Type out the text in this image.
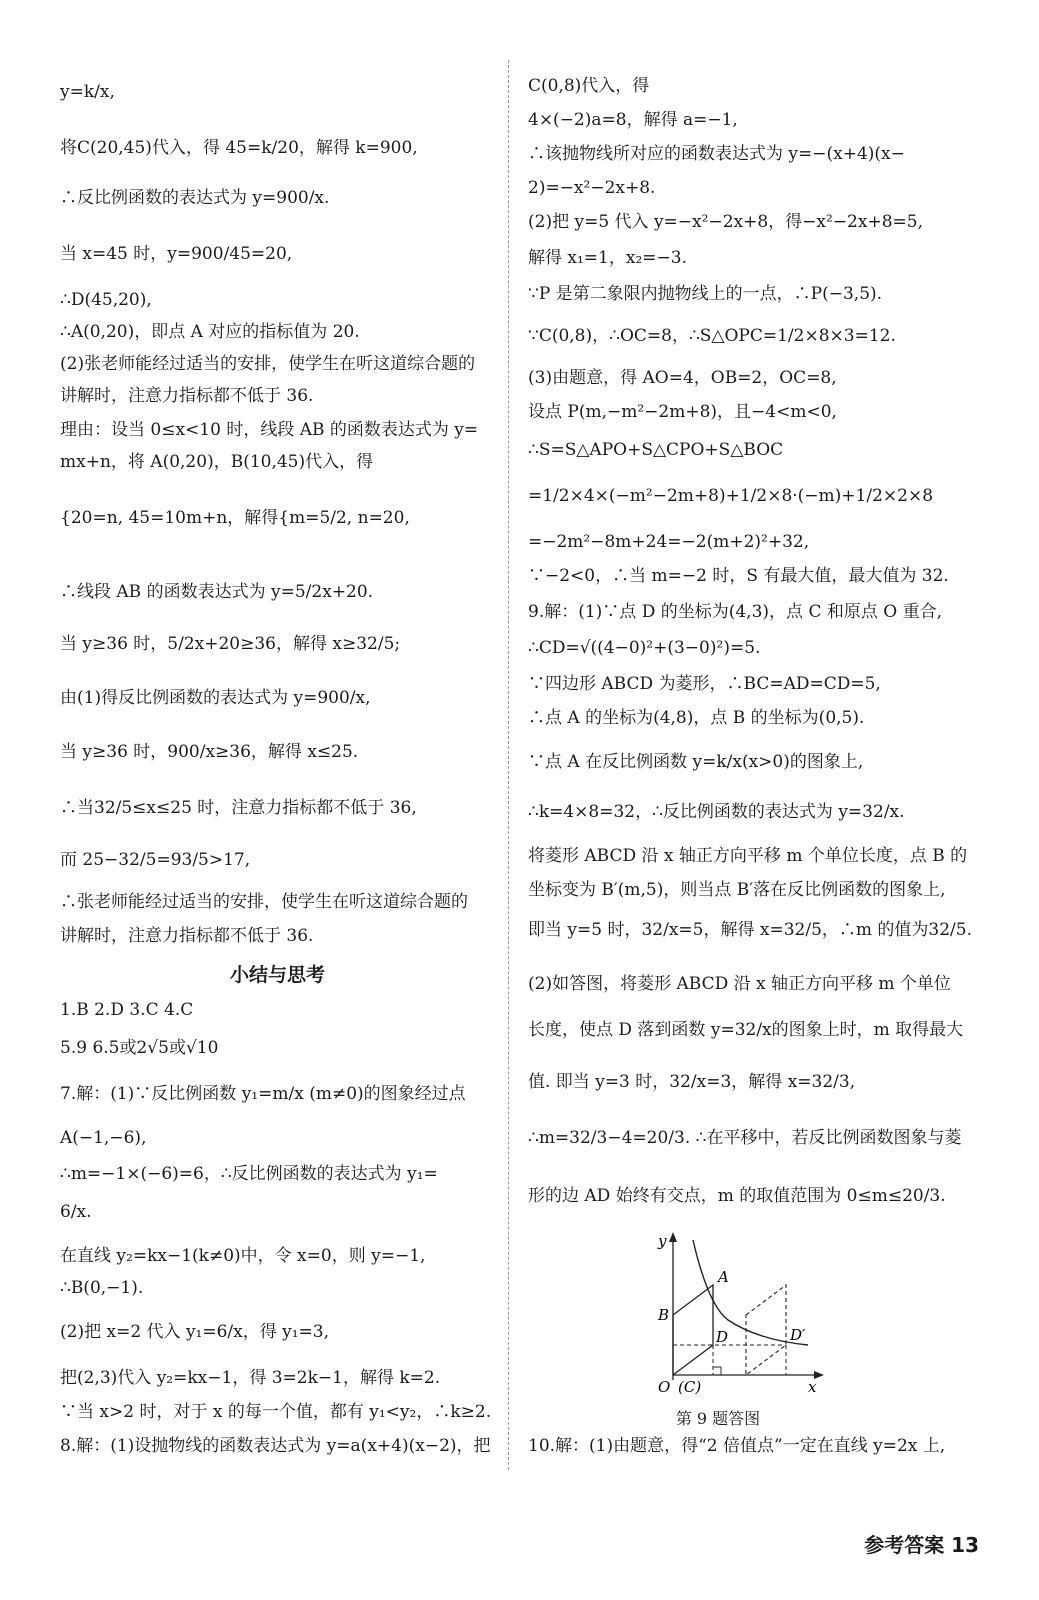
y=k/x,
将C(20,45)代入，得 45=k/20，解得 k=900,
∴反比例函数的表达式为 y=900/x.
当 x=45 时，y=900/45=20,
∴D(45,20),
∴A(0,20)，即点 A 对应的指标值为 20.
(2)张老师能经过适当的安排，使学生在听这道综合题的
讲解时，注意力指标都不低于 36.
理由：设当 0≤x<10 时，线段 AB 的函数表达式为 y=
mx+n，将 A(0,20)，B(10,45)代入，得
{20=n, 45=10m+n，解得{m=5/2, n=20,
∴线段 AB 的函数表达式为 y=5/2x+20.
当 y≥36 时，5/2x+20≥36，解得 x≥32/5;
由(1)得反比例函数的表达式为 y=900/x,
当 y≥36 时，900/x≥36，解得 x≤25.
∴当32/5≤x≤25 时，注意力指标都不低于 36,
而 25−32/5=93/5>17,
∴张老师能经过适当的安排，使学生在听这道综合题的
讲解时，注意力指标都不低于 36.
小结与思考
1.B 2.D 3.C 4.C
5.9 6.5或2√5或√10
7.解：(1)∵反比例函数 y₁=m/x (m≠0)的图象经过点
A(−1,−6),
∴m=−1×(−6)=6，∴反比例函数的表达式为 y₁=
6/x.
在直线 y₂=kx−1(k≠0)中，令 x=0，则 y=−1,
∴B(0,−1).
(2)把 x=2 代入 y₁=6/x，得 y₁=3,
把(2,3)代入 y₂=kx−1，得 3=2k−1，解得 k=2.
∵当 x>2 时，对于 x 的每一个值，都有 y₁<y₂，∴k≥2.
8.解：(1)设抛物线的函数表达式为 y=a(x+4)(x−2)，把
C(0,8)代入，得
4×(−2)a=8，解得 a=−1,
∴该抛物线所对应的函数表达式为 y=−(x+4)(x−
2)=−x²−2x+8.
(2)把 y=5 代入 y=−x²−2x+8，得−x²−2x+8=5,
解得 x₁=1，x₂=−3.
∵P 是第二象限内抛物线上的一点，∴P(−3,5).
∵C(0,8)，∴OC=8，∴S△OPC=1/2×8×3=12.
(3)由题意，得 AO=4，OB=2，OC=8,
设点 P(m,−m²−2m+8)，且−4<m<0,
∴S=S△APO+S△CPO+S△BOC
=1/2×4×(−m²−2m+8)+1/2×8·(−m)+1/2×2×8
=−2m²−8m+24=−2(m+2)²+32,
∵−2<0，∴当 m=−2 时，S 有最大值，最大值为 32.
9.解：(1)∵点 D 的坐标为(4,3)，点 C 和原点 O 重合,
∴CD=√((4−0)²+(3−0)²)=5.
∵四边形 ABCD 为菱形，∴BC=AD=CD=5,
∴点 A 的坐标为(4,8)，点 B 的坐标为(0,5).
∵点 A 在反比例函数 y=k/x(x>0)的图象上,
∴k=4×8=32，∴反比例函数的表达式为 y=32/x.
将菱形 ABCD 沿 x 轴正方向平移 m 个单位长度，点 B 的
坐标变为 B′(m,5)，则当点 B′落在反比例函数的图象上,
即当 y=5 时，32/x=5，解得 x=32/5，∴m 的值为32/5.
(2)如答图，将菱形 ABCD 沿 x 轴正方向平移 m 个单位
长度，使点 D 落到函数 y=32/x的图象上时，m 取得最大
值. 即当 y=3 时，32/x=3，解得 x=32/3,
∴m=32/3−4=20/3. ∴在平移中，若反比例函数图象与菱
形的边 AD 始终有交点，m 的取值范围为 0≤m≤20/3.
10.解：(1)由题意，得“2 倍值点”一定在直线 y=2x 上,
y
x
A
B
D	D′
O (C)
第 9 题答图
参考答案 13
